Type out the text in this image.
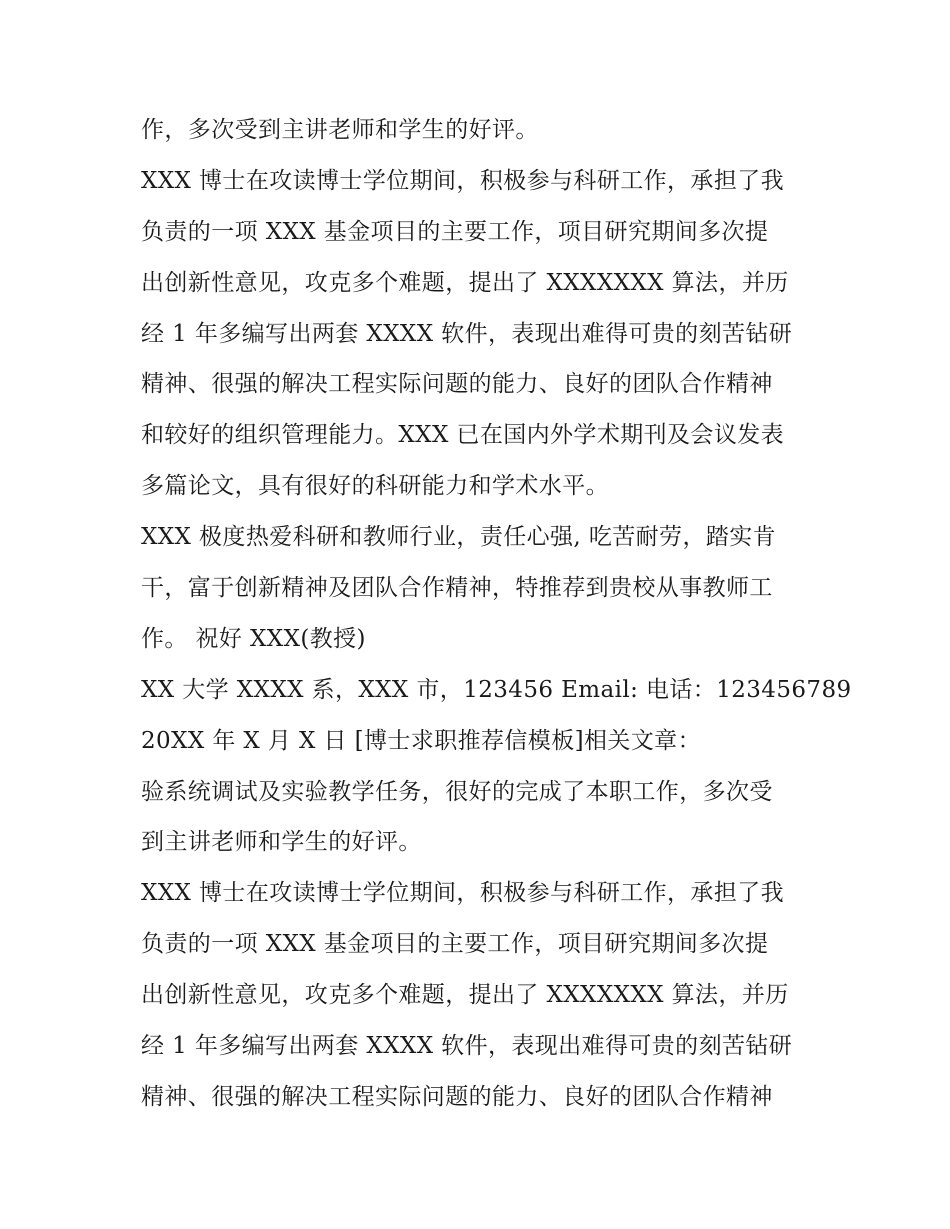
作，多次受到主讲老师和学生的好评。
XXX 博士在攻读博士学位期间，积极参与科研工作，承担了我
负责的一项 XXX 基金项目的主要工作，项目研究期间多次提
出创新性意见，攻克多个难题，提出了 XXXXXXX 算法，并历
经 1 年多编写出两套 XXXX 软件，表现出难得可贵的刻苦钻研
精神、很强的解决工程实际问题的能力、良好的团队合作精神
和较好的组织管理能力。XXX 已在国内外学术期刊及会议发表
多篇论文，具有很好的科研能力和学术水平。
XXX 极度热爱科研和教师行业，责任心强, 吃苦耐劳，踏实肯
干，富于创新精神及团队合作精神，特推荐到贵校从事教师工
作。 祝好 XXX(教授)
XX 大学 XXXX 系，XXX 市，123456 Email: 电话：123456789
20XX 年 X 月 X 日 [博士求职推荐信模板]相关文章：
验系统调试及实验教学任务，很好的完成了本职工作，多次受
到主讲老师和学生的好评。
XXX 博士在攻读博士学位期间，积极参与科研工作，承担了我
负责的一项 XXX 基金项目的主要工作，项目研究期间多次提
出创新性意见，攻克多个难题，提出了 XXXXXXX 算法，并历
经 1 年多编写出两套 XXXX 软件，表现出难得可贵的刻苦钻研
精神、很强的解决工程实际问题的能力、良好的团队合作精神
